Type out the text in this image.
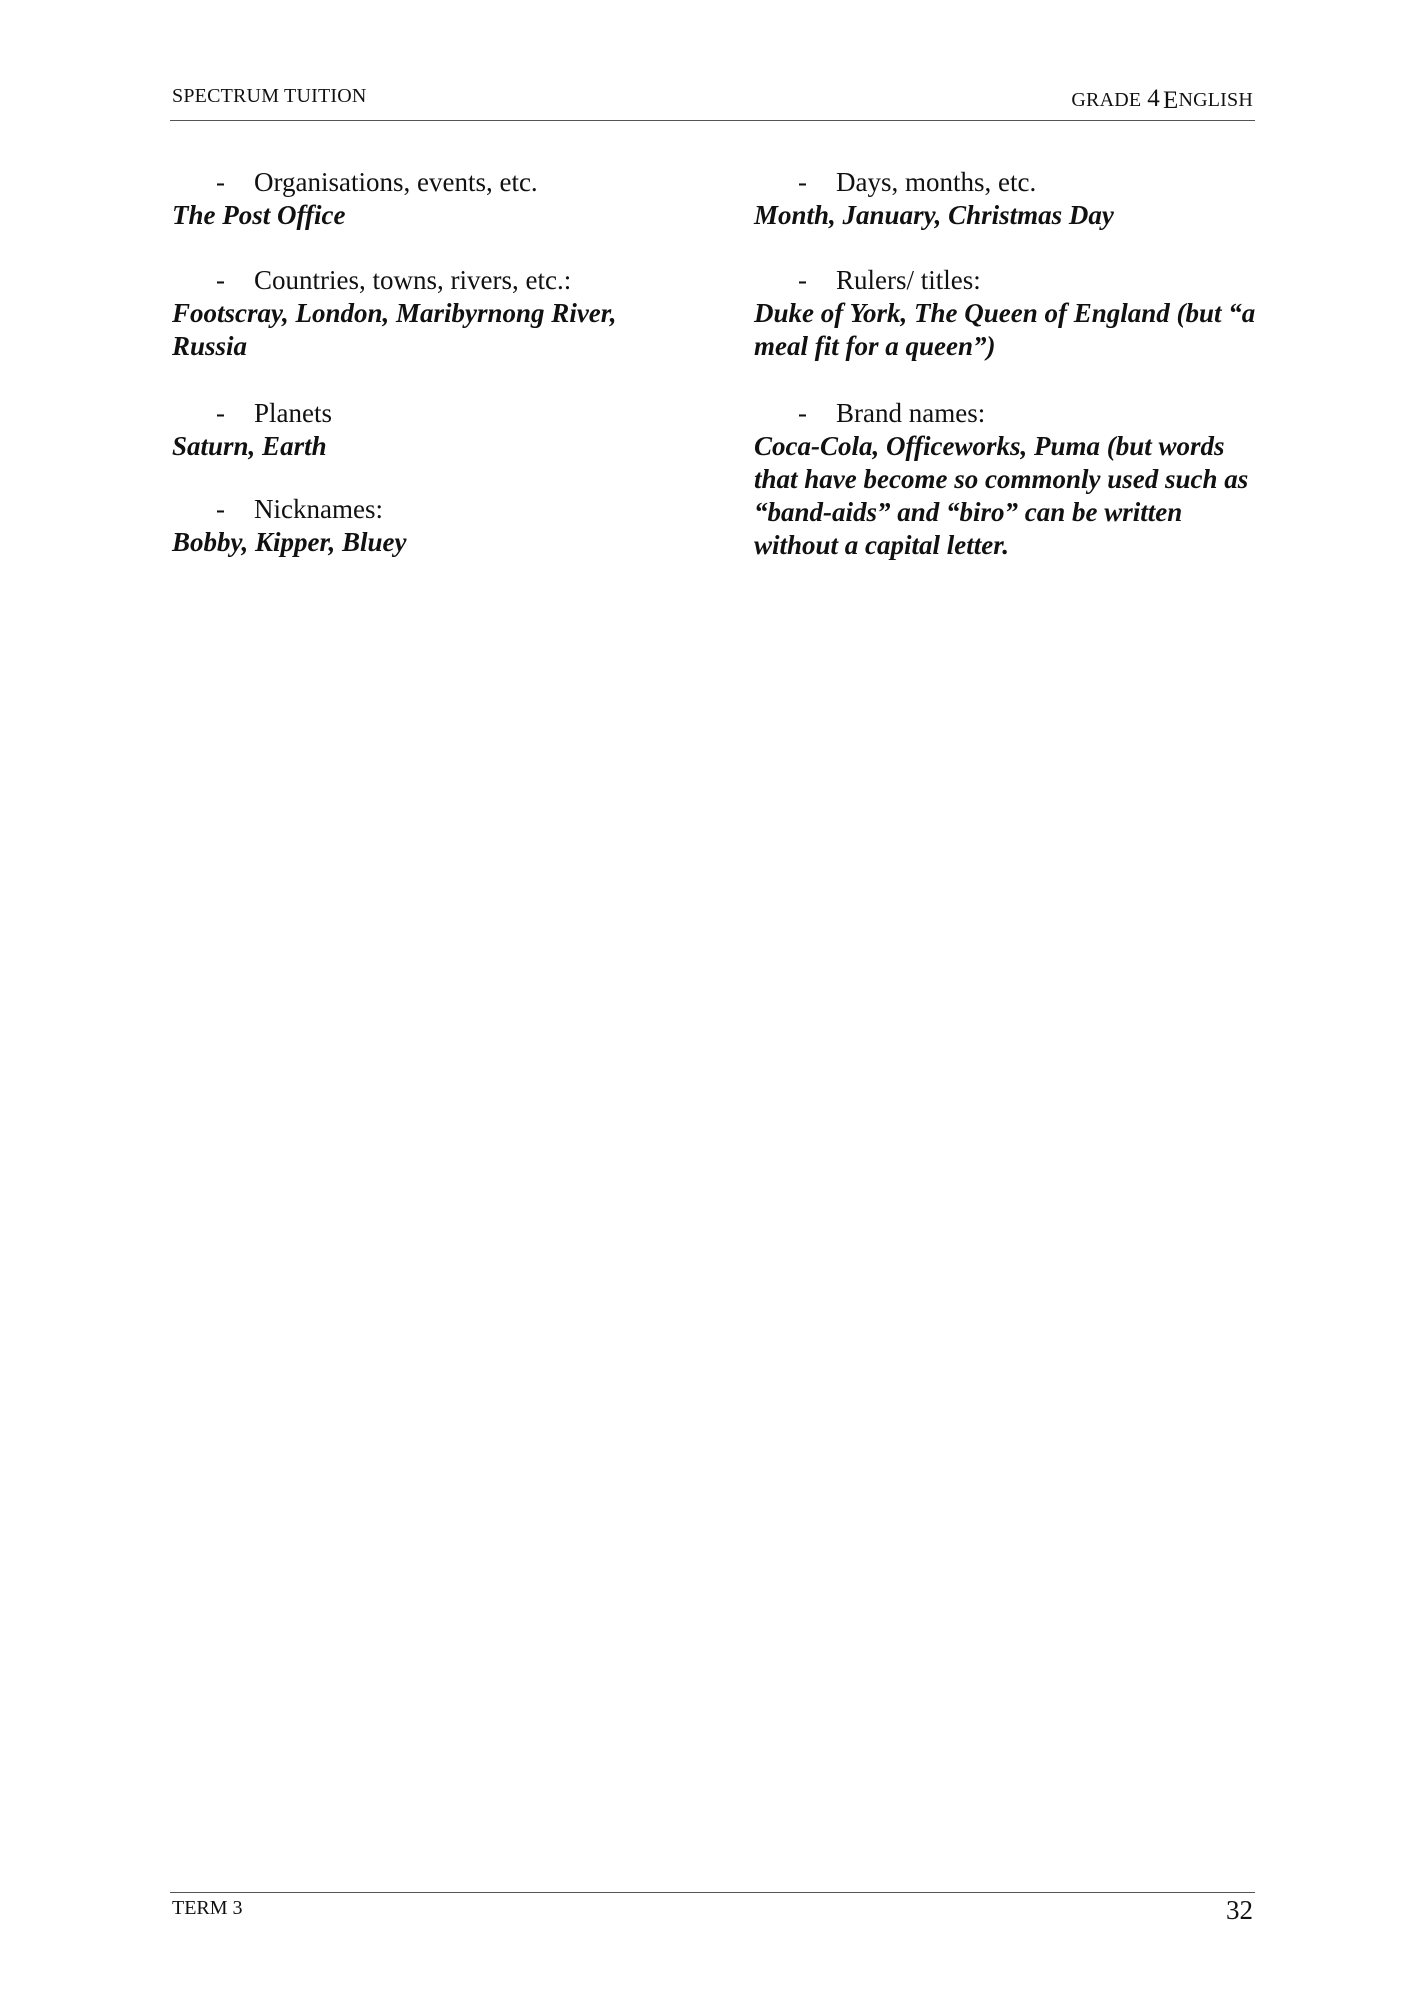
SPECTRUM TUITION	GRADE 4 ENGLISH
- Organisations, events, etc.
The Post Office
- Countries, towns, rivers, etc.:
Footscray, London, Maribyrnong River, Russia
- Planets
Saturn, Earth
- Nicknames:
Bobby, Kipper, Bluey
- Days, months, etc.
Month, January, Christmas Day
- Rulers/ titles:
Duke of York, The Queen of England (but “a meal fit for a queen”)
- Brand names:
Coca-Cola, Officeworks, Puma (but words that have become so commonly used such as “band-aids” and “biro” can be written without a capital letter.
TERM 3	32
